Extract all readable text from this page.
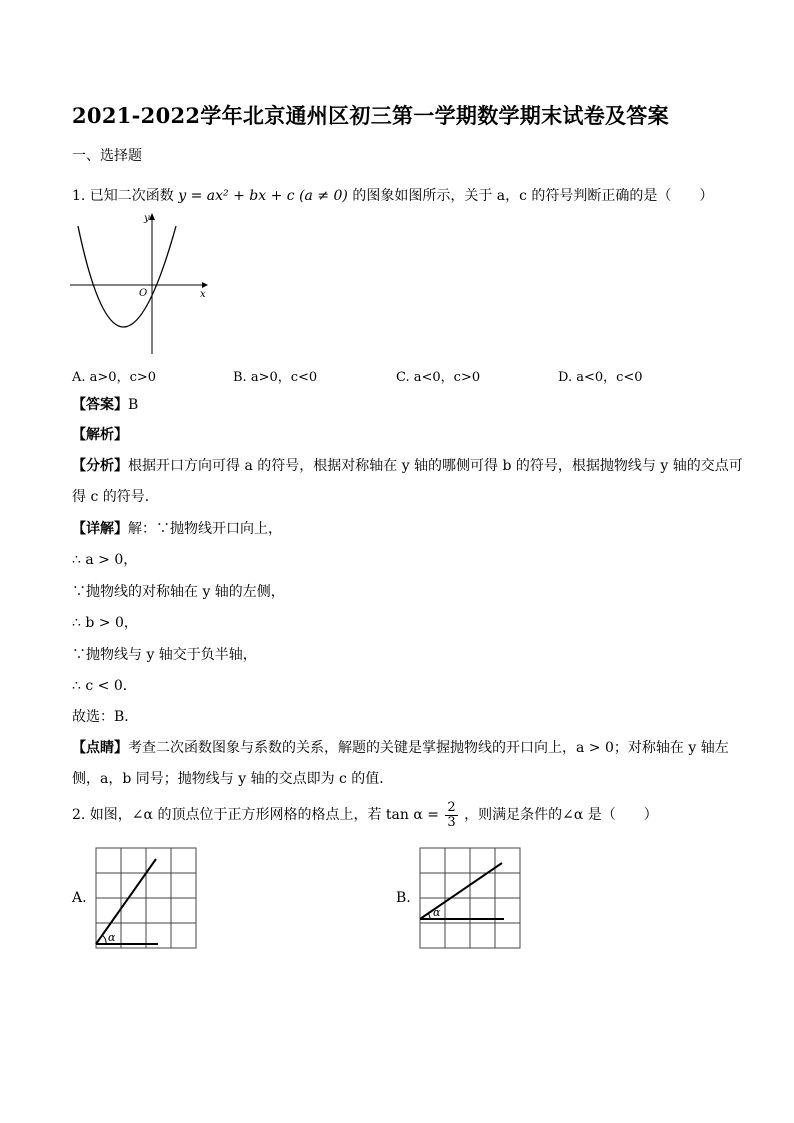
2021-2022学年北京通州区初三第一学期数学期末试卷及答案
一、选择题
1. 已知二次函数 y = ax² + bx + c (a ≠ 0) 的图象如图所示，关于 a，c 的符号判断正确的是（　　）
y
x
O
A. a>0，c>0	B. a>0，c<0	C. a<0，c>0	D. a<0，c<0
【答案】B
【解析】
【分析】根据开口方向可得 a 的符号，根据对称轴在 y 轴的哪侧可得 b 的符号，根据抛物线与 y 轴的交点可
得 c 的符号．
【详解】解：∵抛物线开口向上，
∴ a > 0，
∵抛物线的对称轴在 y 轴的左侧，
∴ b > 0，
∵抛物线与 y 轴交于负半轴，
∴ c < 0．
故选：B．
【点睛】考查二次函数图象与系数的关系，解题的关键是掌握抛物线的开口向上，a > 0；对称轴在 y 轴左
侧，a，b 同号；抛物线与 y 轴的交点即为 c 的值．
2. 如图，∠α 的顶点位于正方形网格的格点上，若 $\tan \alpha = \frac{2}{3}$ ，则满足条件的∠α 是（　　）
A.
α
B.
α
